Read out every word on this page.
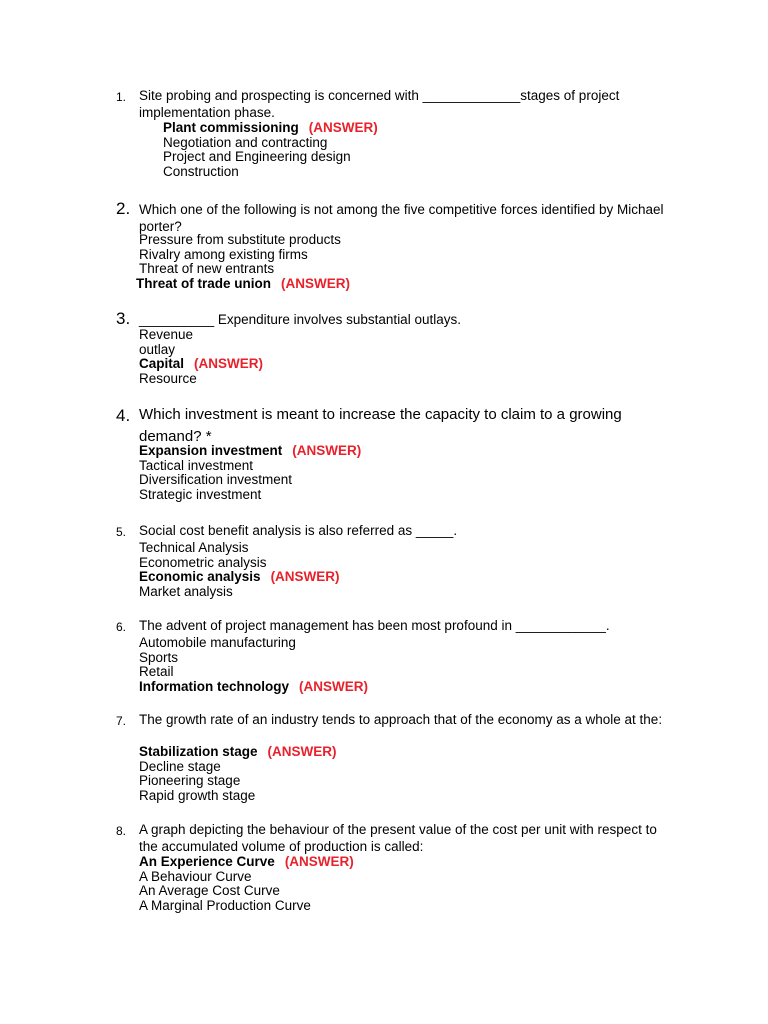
1. Site probing and prospecting is concerned with _____________stages of project implementation phase.
Plant commissioning (ANSWER)
Negotiation and contracting
Project and Engineering design
Construction
2. Which one of the following is not among the five competitive forces identified by Michael porter?
Pressure from substitute products
Rivalry among existing firms
Threat of new entrants
Threat of trade union (ANSWER)
3. __________ Expenditure involves substantial outlays.
Revenue
outlay
Capital (ANSWER)
Resource
4. Which investment is meant to increase the capacity to claim to a growing demand? *
Expansion investment (ANSWER)
Tactical investment
Diversification investment
Strategic investment
5. Social cost benefit analysis is also referred as _____.
Technical Analysis
Econometric analysis
Economic analysis (ANSWER)
Market analysis
6. The advent of project management has been most profound in ____________.
Automobile manufacturing
Sports
Retail
Information technology (ANSWER)
7. The growth rate of an industry tends to approach that of the economy as a whole at the:
Stabilization stage (ANSWER)
Decline stage
Pioneering stage
Rapid growth stage
8. A graph depicting the behaviour of the present value of the cost per unit with respect to the accumulated volume of production is called:
An Experience Curve (ANSWER)
A Behaviour Curve
An Average Cost Curve
A Marginal Production Curve
